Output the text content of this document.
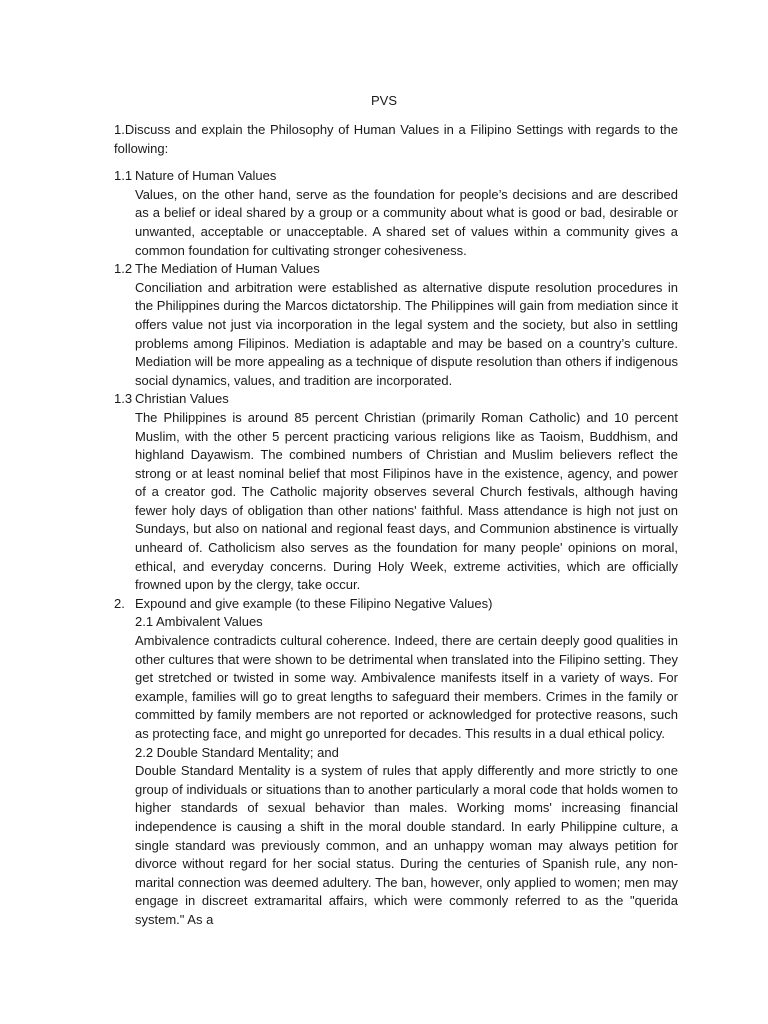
PVS

1.Discuss and explain the Philosophy of Human Values in a Filipino Settings with regards to the following:

1.1 Nature of Human Values

Values, on the other hand, serve as the foundation for people’s decisions and are described as a belief or ideal shared by a group or a community about what is good or bad, desirable or unwanted, acceptable or unacceptable. A shared set of values within a community gives a common foundation for cultivating stronger cohesiveness.

1.2 The Mediation of Human Values

Conciliation and arbitration were established as alternative dispute resolution procedures in the Philippines during the Marcos dictatorship. The Philippines will gain from mediation since it offers value not just via incorporation in the legal system and the society, but also in settling problems among Filipinos. Mediation is adaptable and may be based on a country’s culture. Mediation will be more appealing as a technique of dispute resolution than others if indigenous social dynamics, values, and tradition are incorporated.

1.3 Christian Values

The Philippines is around 85 percent Christian (primarily Roman Catholic) and 10 percent Muslim, with the other 5 percent practicing various religions like as Taoism, Buddhism, and highland Dayawism. The combined numbers of Christian and Muslim believers reflect the strong or at least nominal belief that most Filipinos have in the existence, agency, and power of a creator god. The Catholic majority observes several Church festivals, although having fewer holy days of obligation than other nations' faithful. Mass attendance is high not just on Sundays, but also on national and regional feast days, and Communion abstinence is virtually unheard of. Catholicism also serves as the foundation for many people' opinions on moral, ethical, and everyday concerns. During Holy Week, extreme activities, which are officially frowned upon by the clergy, take occur.

2. Expound and give example (to these Filipino Negative Values)

2.1 Ambivalent Values

Ambivalence contradicts cultural coherence. Indeed, there are certain deeply good qualities in other cultures that were shown to be detrimental when translated into the Filipino setting. They get stretched or twisted in some way. Ambivalence manifests itself in a variety of ways. For example, families will go to great lengths to safeguard their members. Crimes in the family or committed by family members are not reported or acknowledged for protective reasons, such as protecting face, and might go unreported for decades. This results in a dual ethical policy.

2.2 Double Standard Mentality; and

Double Standard Mentality is a system of rules that apply differently and more strictly to one group of individuals or situations than to another particularly a moral code that holds women to higher standards of sexual behavior than males. Working moms' increasing financial independence is causing a shift in the moral double standard. In early Philippine culture, a single standard was previously common, and an unhappy woman may always petition for divorce without regard for her social status. During the centuries of Spanish rule, any non-marital connection was deemed adultery. The ban, however, only applied to women; men may engage in discreet extramarital affairs, which were commonly referred to as the "querida system." As a
